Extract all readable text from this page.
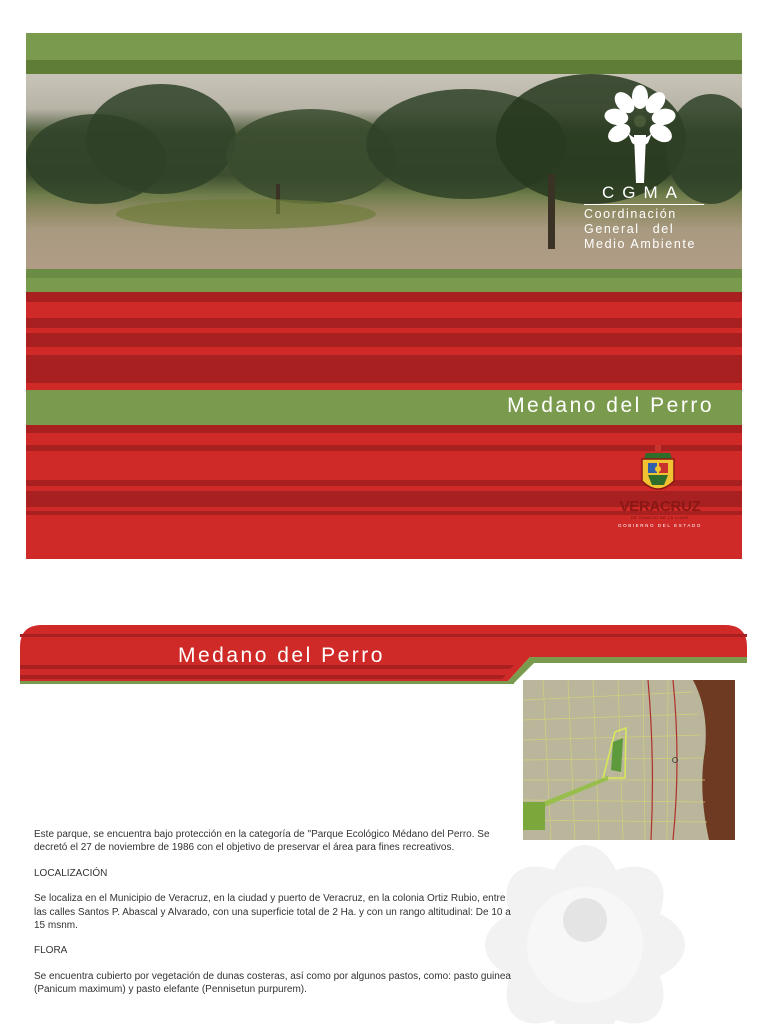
CGMA
Coordinación
General del
Medio Ambiente
Medano del Perro
VERACRUZ
DE IGNACIO DE LA LLAVE
GOBIERNO DEL ESTADO
Medano del Perro

Este parque, se encuentra bajo protección en la categoría de "Parque Ecológico Médano del Perro. Se decretó el 27 de noviembre de 1986 con el objetivo de preservar el área para fines recreativos.

LOCALIZACIÓN

Se localiza en el Municipio de Veracruz, en la ciudad y puerto de Veracruz, en la colonia Ortiz Rubio, entre las calles Santos P. Abascal y Alvarado, con una superficie total de 2 Ha. y con un rango altitudinal: De 10 a 15 msnm.

FLORA

Se encuentra cubierto por vegetación de dunas costeras, así como por algunos pastos, como: pasto guinea (Panicum maximum) y pasto elefante (Pennisetun purpurem).
